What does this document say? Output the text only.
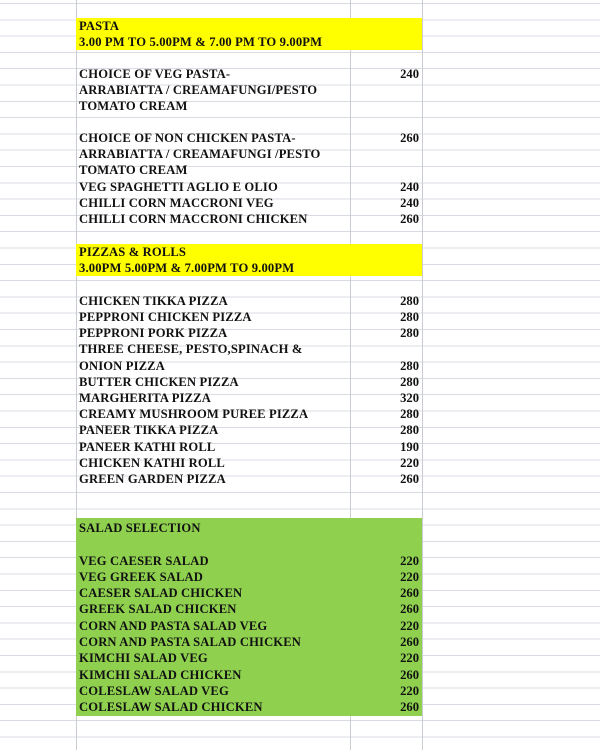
PASTA
3.00 PM TO 5.00PM & 7.00 PM TO 9.00PM
CHOICE OF VEG PASTA-	240
ARRABIATTA / CREAMAFUNGI/PESTO
TOMATO CREAM
CHOICE OF NON CHICKEN PASTA-	260
ARRABIATTA / CREAMAFUNGI /PESTO
TOMATO CREAM
VEG SPAGHETTI AGLIO E OLIO	240
CHILLI CORN MACCRONI VEG	240
CHILLI CORN MACCRONI CHICKEN	260
PIZZAS & ROLLS
3.00PM 5.00PM & 7.00PM TO 9.00PM
CHICKEN TIKKA PIZZA	280
PEPPRONI CHICKEN PIZZA	280
PEPPRONI PORK PIZZA	280
THREE CHEESE, PESTO,SPINACH &
ONION PIZZA	280
BUTTER CHICKEN PIZZA	280
MARGHERITA PIZZA	320
CREAMY MUSHROOM PUREE PIZZA	280
PANEER TIKKA PIZZA	280
PANEER KATHI ROLL	190
CHICKEN KATHI ROLL	220
GREEN GARDEN PIZZA	260
SALAD SELECTION
VEG CAESER SALAD	220
VEG GREEK SALAD	220
CAESER SALAD CHICKEN	260
GREEK SALAD CHICKEN	260
CORN AND PASTA SALAD VEG	220
CORN AND PASTA SALAD CHICKEN	260
KIMCHI SALAD VEG	220
KIMCHI SALAD CHICKEN	260
COLESLAW SALAD VEG	220
COLESLAW SALAD CHICKEN	260
